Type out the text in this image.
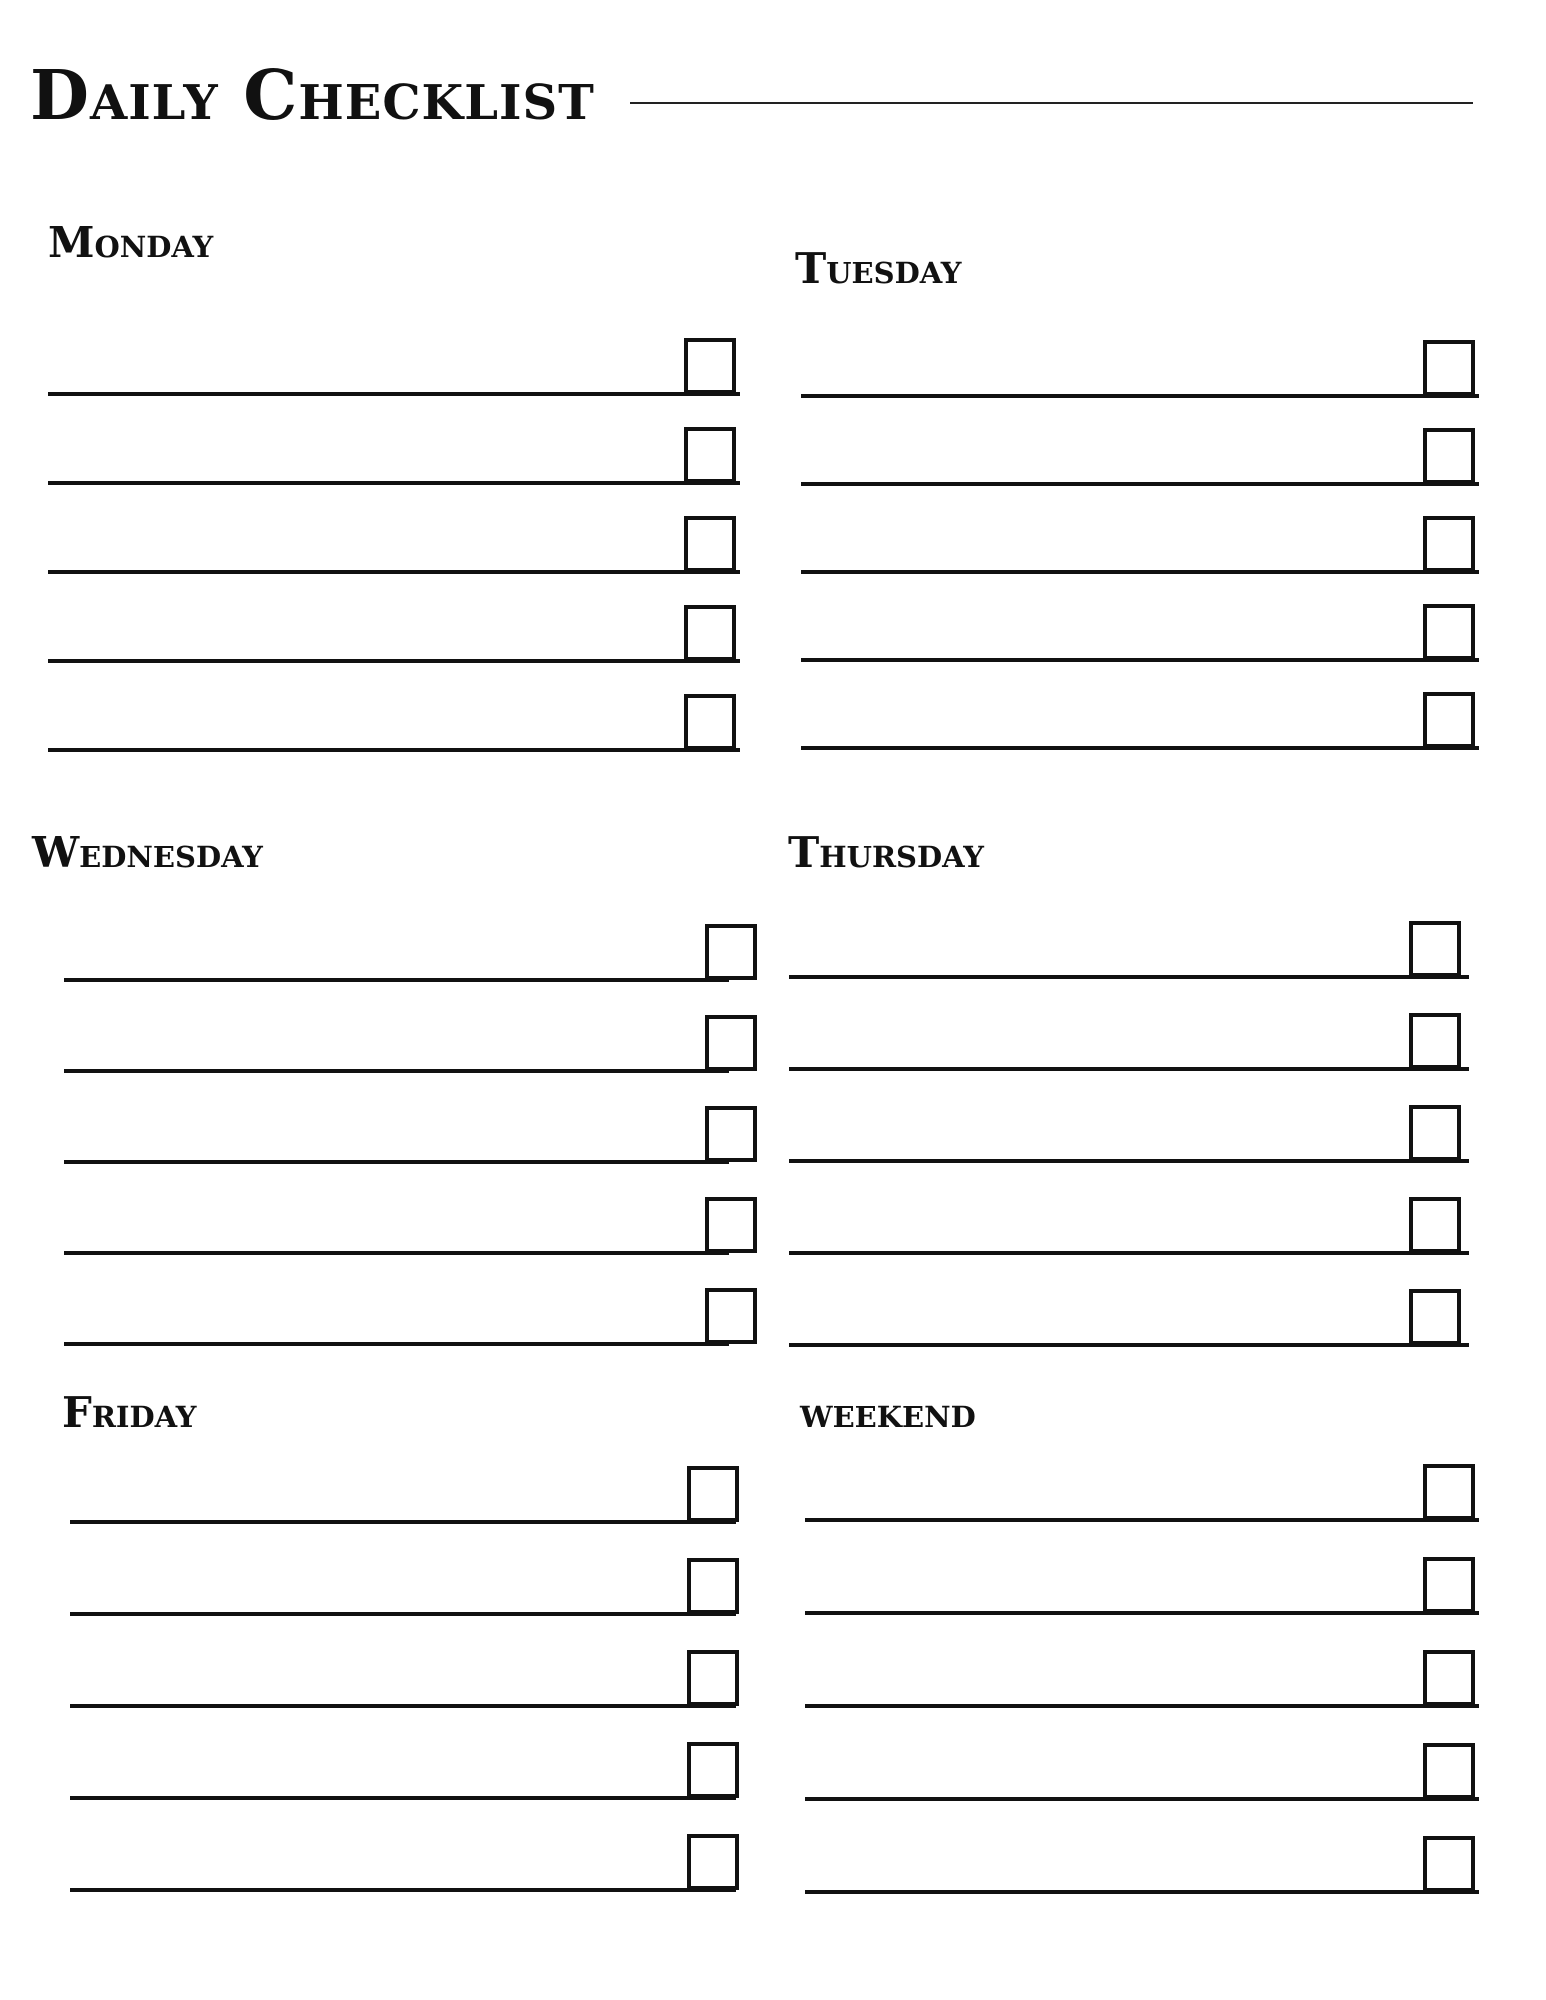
Daily Checklist
Monday
Tuesday
Wednesday	Thursday
Friday	weekend
